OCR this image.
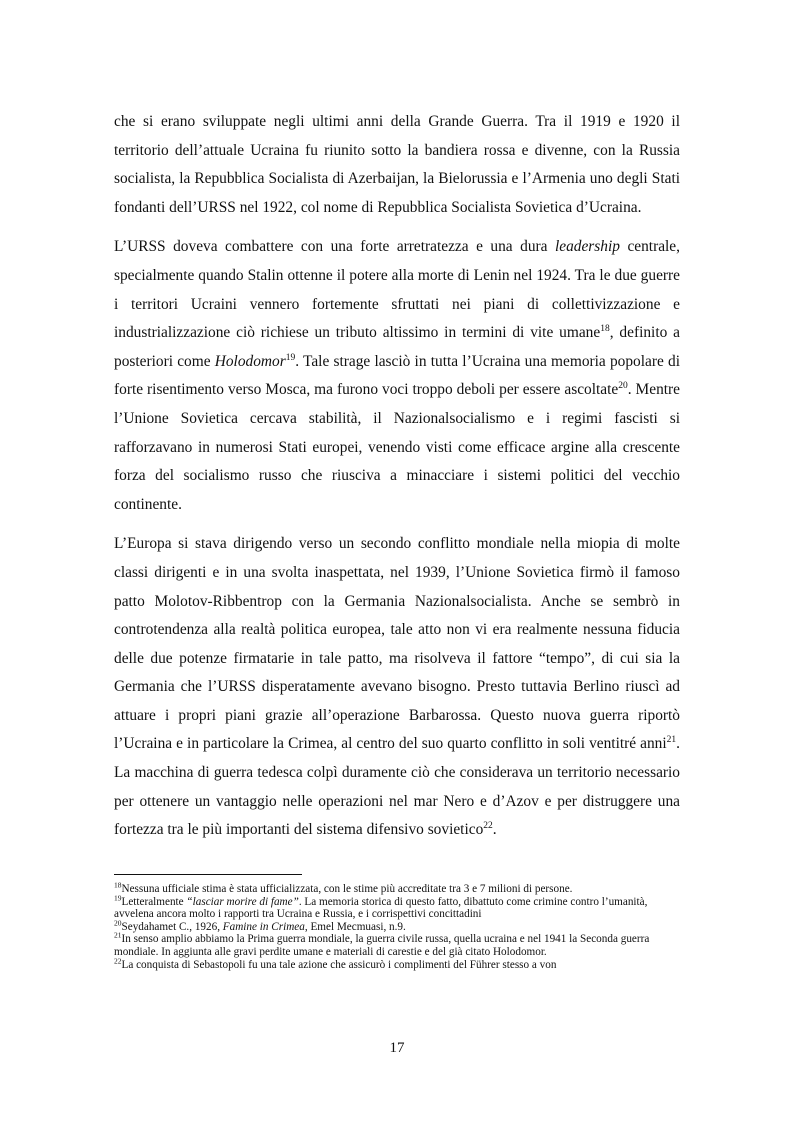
che si erano sviluppate negli ultimi anni della Grande Guerra. Tra il 1919 e 1920 il territorio dell’attuale Ucraina fu riunito sotto la bandiera rossa e divenne, con la Russia socialista, la Repubblica Socialista di Azerbaijan, la Bielorussia e l’Armenia uno degli Stati fondanti dell’URSS nel 1922, col nome di Repubblica Socialista Sovietica d’Ucraina.

L’URSS doveva combattere con una forte arretratezza e una dura leadership centrale, specialmente quando Stalin ottenne il potere alla morte di Lenin nel 1924. Tra le due guerre i territori Ucraini vennero fortemente sfruttati nei piani di collettivizzazione e industrializzazione ciò richiese un tributo altissimo in termini di vite umane$^{18}$, definito a posteriori come Holodomor$^{19}$. Tale strage lasciò in tutta l’Ucraina una memoria popolare di forte risentimento verso Mosca, ma furono voci troppo deboli per essere ascoltate$^{20}$. Mentre l’Unione Sovietica cercava stabilità, il Nazionalsocialismo e i regimi fascisti si rafforzavano in numerosi Stati europei, venendo visti come efficace argine alla crescente forza del socialismo russo che riusciva a minacciare i sistemi politici del vecchio continente.

L’Europa si stava dirigendo verso un secondo conflitto mondiale nella miopia di molte classi dirigenti e in una svolta inaspettata, nel 1939, l’Unione Sovietica firmò il famoso patto Molotov-Ribbentrop con la Germania Nazionalsocialista. Anche se sembrò in controtendenza alla realtà politica europea, tale atto non vi era realmente nessuna fiducia delle due potenze firmatarie in tale patto, ma risolveva il fattore “tempo”, di cui sia la Germania che l’URSS disperatamente avevano bisogno. Presto tuttavia Berlino riuscì ad attuare i propri piani grazie all’operazione Barbarossa. Questo nuova guerra riportò l’Ucraina e in particolare la Crimea, al centro del suo quarto conflitto in soli ventitré anni$^{21}$. La macchina di guerra tedesca colpì duramente ciò che considerava un territorio necessario per ottenere un vantaggio nelle operazioni nel mar Nero e d’Azov e per distruggere una fortezza tra le più importanti del sistema difensivo sovietico$^{22}$.

$^{18}$Nessuna ufficiale stima è stata ufficializzata, con le stime più accreditate tra 3 e 7 milioni di persone.
$^{19}$Letteralmente “lasciar morire di fame”. La memoria storica di questo fatto, dibattuto come crimine contro l’umanità, avvelena ancora molto i rapporti tra Ucraina e Russia, e i corrispettivi concittadini
$^{20}$Seydahamet C., 1926, Famine in Crimea, Emel Mecmuasi, n.9.
$^{21}$In senso amplio abbiamo la Prima guerra mondiale, la guerra civile russa, quella ucraina e nel 1941 la Seconda guerra mondiale. In aggiunta alle gravi perdite umane e materiali di carestie e del già citato Holodomor.
$^{22}$La conquista di Sebastopoli fu una tale azione che assicurò i complimenti del Führer stesso a von
17
